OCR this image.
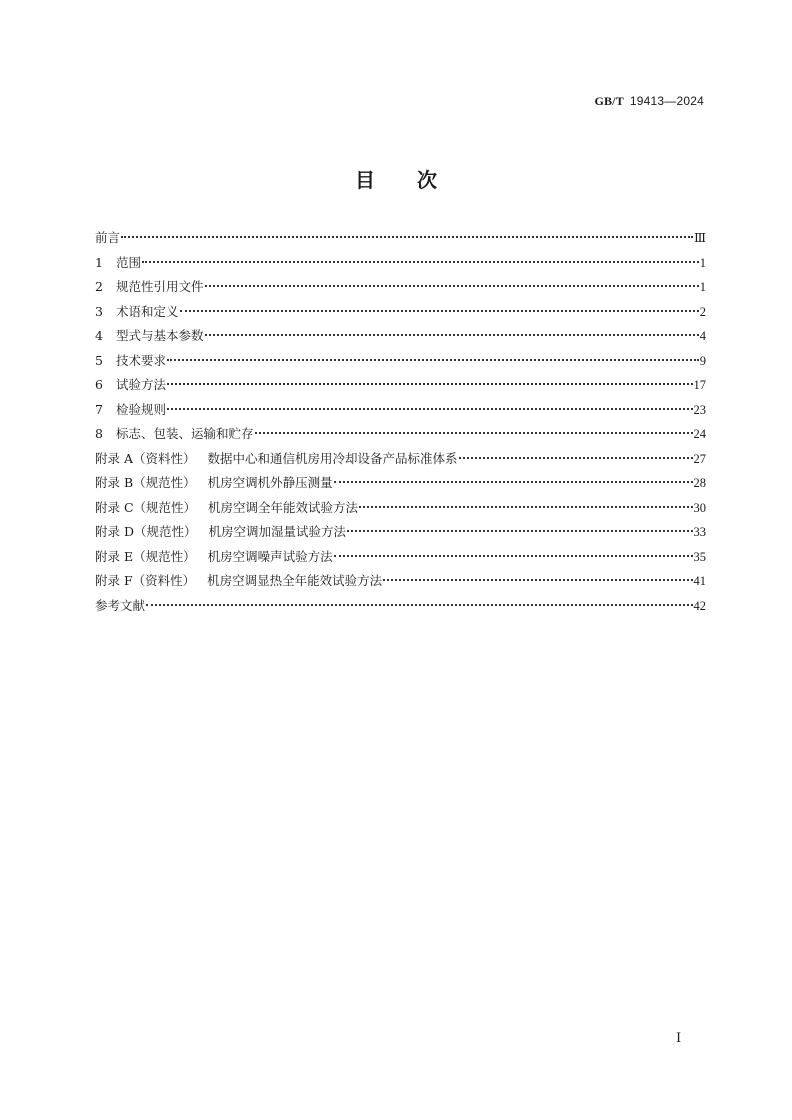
GB/T 19413—2024
目次
前言	Ⅲ
1 范围	1
2 规范性引用文件	1
3 术语和定义	2
4 型式与基本参数	4
5 技术要求	9
6 试验方法	17
7 检验规则	23
8 标志、包装、运输和贮存	24
附录 A（资料性） 数据中心和通信机房用冷却设备产品标准体系	27
附录 B（规范性） 机房空调机外静压测量	28
附录 C（规范性） 机房空调全年能效试验方法	30
附录 D（规范性） 机房空调加湿量试验方法	33
附录 E（规范性） 机房空调噪声试验方法	35
附录 F（资料性） 机房空调显热全年能效试验方法	41
参考文献	42
Ⅰ
